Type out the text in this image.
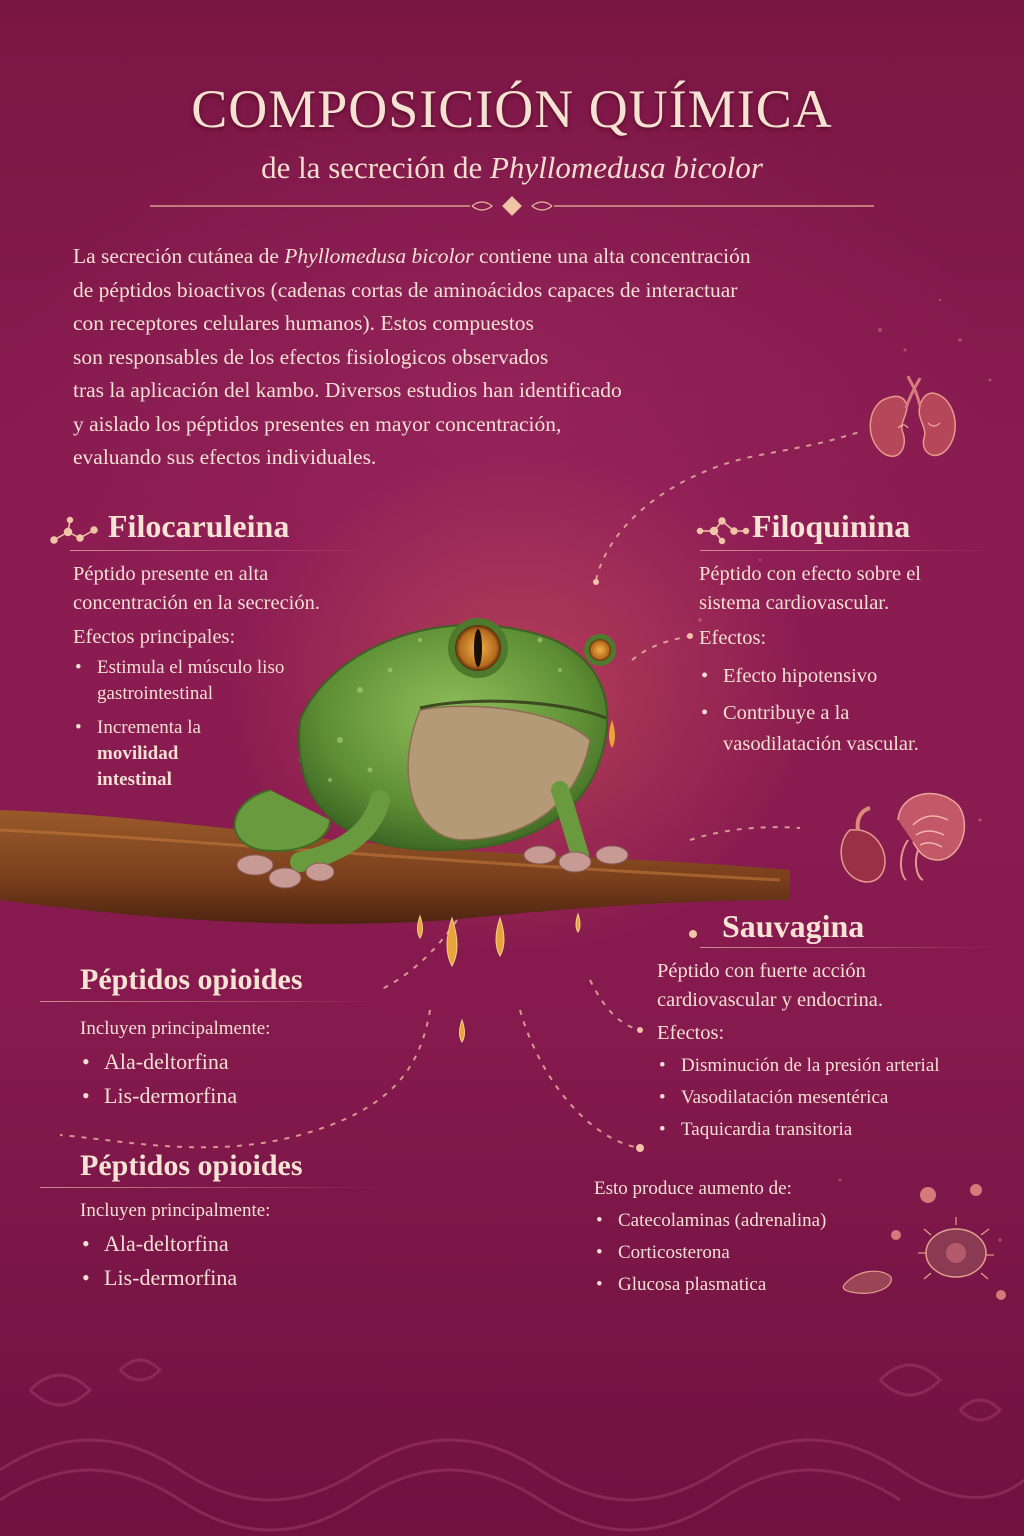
COMPOSICIÓN QUÍMICA
de la secreción de Phyllomedusa bicolor
La secreción cutánea de Phyllomedusa bicolor contiene una alta concentración
de péptidos bioactivos (cadenas cortas de aminoácidos capaces de interactuar
con receptores celulares humanos). Estos compuestos
son responsables de los efectos fisiologicos observados
tras la aplicación del kambo. Diversos estudios han identificado
y aislado los péptidos presentes en mayor concentración,
evaluando sus efectos individuales.
Filocaruleina
Péptido presente en alta
concentración en la secreción.
Efectos principales:
• Estimula el músculo liso
gastrointestinal
• Incrementa la
movilidad
intestinal
Filoquinina
Péptido con efecto sobre el
sistema cardiovascular.
Efectos:
• Efecto hipotensivo
• Contribuye a la
vasodilatación vascular.
Sauvagina
Péptido con fuerte acción
cardiovascular y endocrina.
Efectos:
• Disminución de la presión arterial
• Vasodilatación mesentérica
• Taquicardia transitoria
Esto produce aumento de:
• Catecolaminas (adrenalina)
• Corticosterona
• Glucosa plasmatica
Péptidos opioides
Incluyen principalmente:
• Ala-deltorfina
• Lis-dermorfina
Péptidos opioides
Incluyen principalmente:
• Ala-deltorfina
• Lis-dermorfina
